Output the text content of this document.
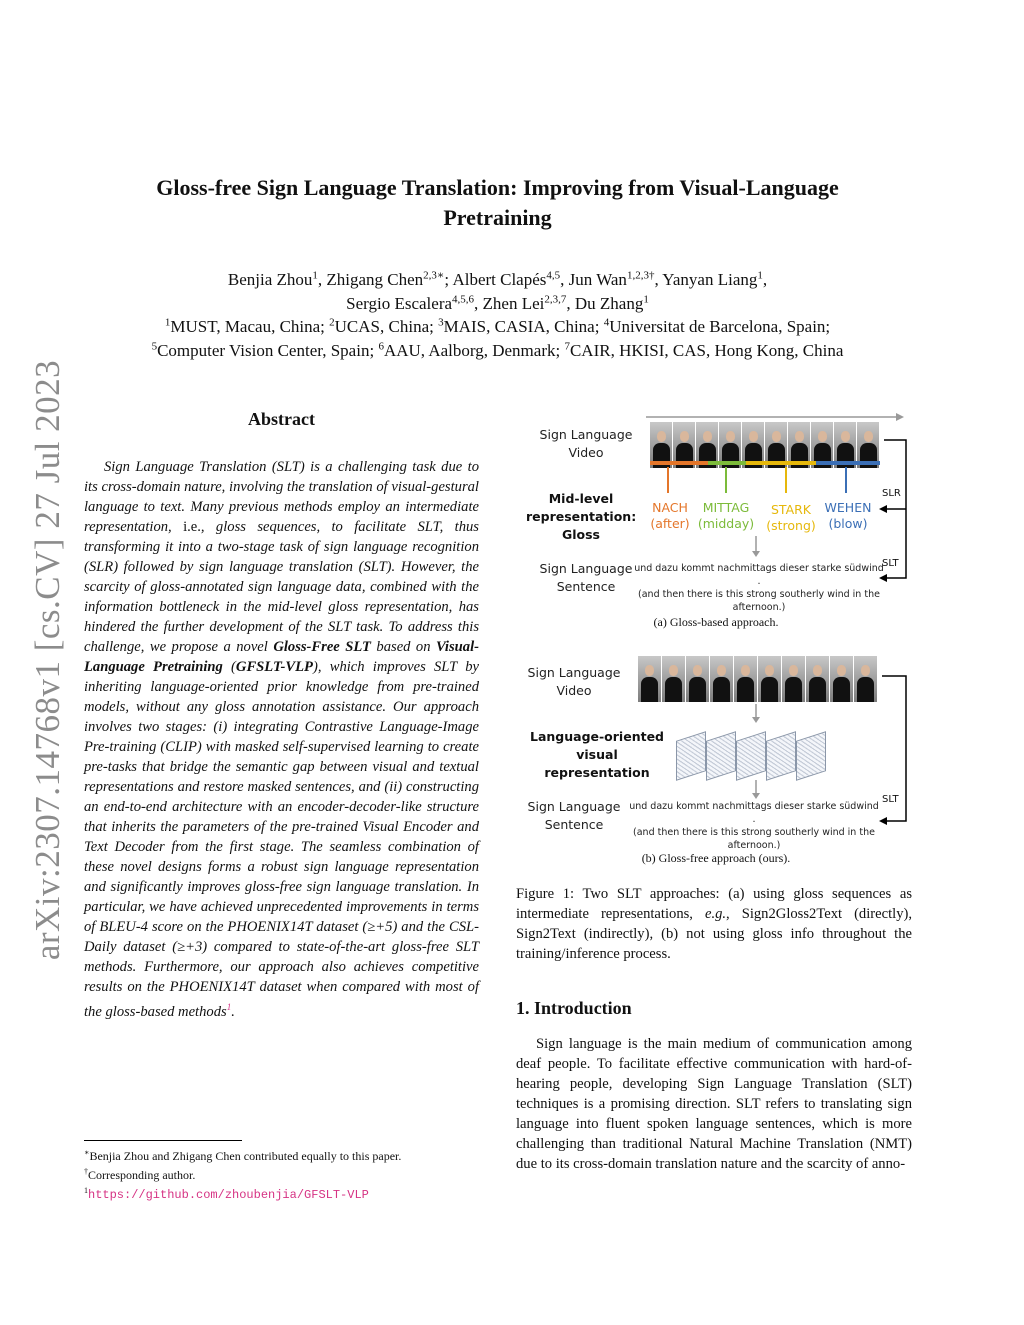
arXiv:2307.14768v1 [cs.CV] 27 Jul 2023
Gloss-free Sign Language Translation: Improving from Visual-Language Pretraining
Benjia Zhou$^1$, Zhigang Chen$^{2,3∗}$; Albert Clapés$^{4,5}$, Jun Wan$^{1,2,3\dagger}$, Yanyan Liang$^1$,
Sergio Escalera$^{4,5,6}$, Zhen Lei$^{2,3,7}$, Du Zhang$^1$
$^1$MUST, Macau, China; $^2$UCAS, China; $^3$MAIS, CASIA, China; $^4$Universitat de Barcelona, Spain;
$^5$Computer Vision Center, Spain; $^6$AAU, Aalborg, Denmark; $^7$CAIR, HKISI, CAS, Hong Kong, China
Abstract

Sign Language Translation (SLT) is a challenging task due to its cross-domain nature, involving the translation of visual-gestural language to text. Many previous methods employ an intermediate representation, i.e., gloss sequences, to facilitate SLT, thus transforming it into a two-stage task of sign language recognition (SLR) followed by sign language translation (SLT). However, the scarcity of gloss-annotated sign language data, combined with the information bottleneck in the mid-level gloss representation, has hindered the further development of the SLT task. To address this challenge, we propose a novel Gloss-Free SLT based on Visual-Language Pretraining (GFSLT-VLP), which improves SLT by inheriting language-oriented prior knowledge from pre-trained models, without any gloss annotation assistance. Our approach involves two stages: (i) integrating Contrastive Language-Image Pre-training (CLIP) with masked self-supervised learning to create pre-tasks that bridge the semantic gap between visual and textual representations and restore masked sentences, and (ii) constructing an end-to-end architecture with an encoder-decoder-like structure that inherits the parameters of the pre-trained Visual Encoder and Text Decoder from the first stage. The seamless combination of these novel designs forms a robust sign language representation and significantly improves gloss-free sign language translation. In particular, we have achieved unprecedented improvements in terms of BLEU-4 score on the PHOENIX14T dataset (≥+5) and the CSL-Daily dataset (≥+3) compared to state-of-the-art gloss-free SLT methods. Furthermore, our approach also achieves competitive results on the PHOENIX14T dataset when compared with most of the gloss-based methods$^1$.

∗Benjia Zhou and Zhigang Chen contributed equally to this paper.
†Corresponding author.
$^1$https://github.com/zhoubenjia/GFSLT-VLP
Sign Language Video
Mid-level representation: Gloss
NACH
(after)
MITTAG
(midday)
STARK
(strong)
WEHEN
(blow)
Sign Language Sentence
und dazu kommt nachmittags dieser starke südwind .
(and then there is this strong southerly wind in the afternoon.)
SLR
SLT
(a) Gloss-based approach.
Sign Language Video
Language-oriented visual representation
Sign Language Sentence
und dazu kommt nachmittags dieser starke südwind .
(and then there is this strong southerly wind in the afternoon.)
SLT
(b) Gloss-free approach (ours).
Figure 1: Two SLT approaches: (a) using gloss sequences as intermediate representations, e.g., Sign2Gloss2Text (directly), Sign2Text (indirectly), (b) not using gloss info throughout the training/inference process.
1. Introduction

Sign language is the main medium of communication among deaf people. To facilitate effective communication with hard-of-hearing people, developing Sign Language Translation (SLT) techniques is a promising direction. SLT refers to translating sign language into fluent spoken language sentences, which is more challenging than traditional Natural Machine Translation (NMT) due to its cross-domain translation nature and the scarcity of anno-
